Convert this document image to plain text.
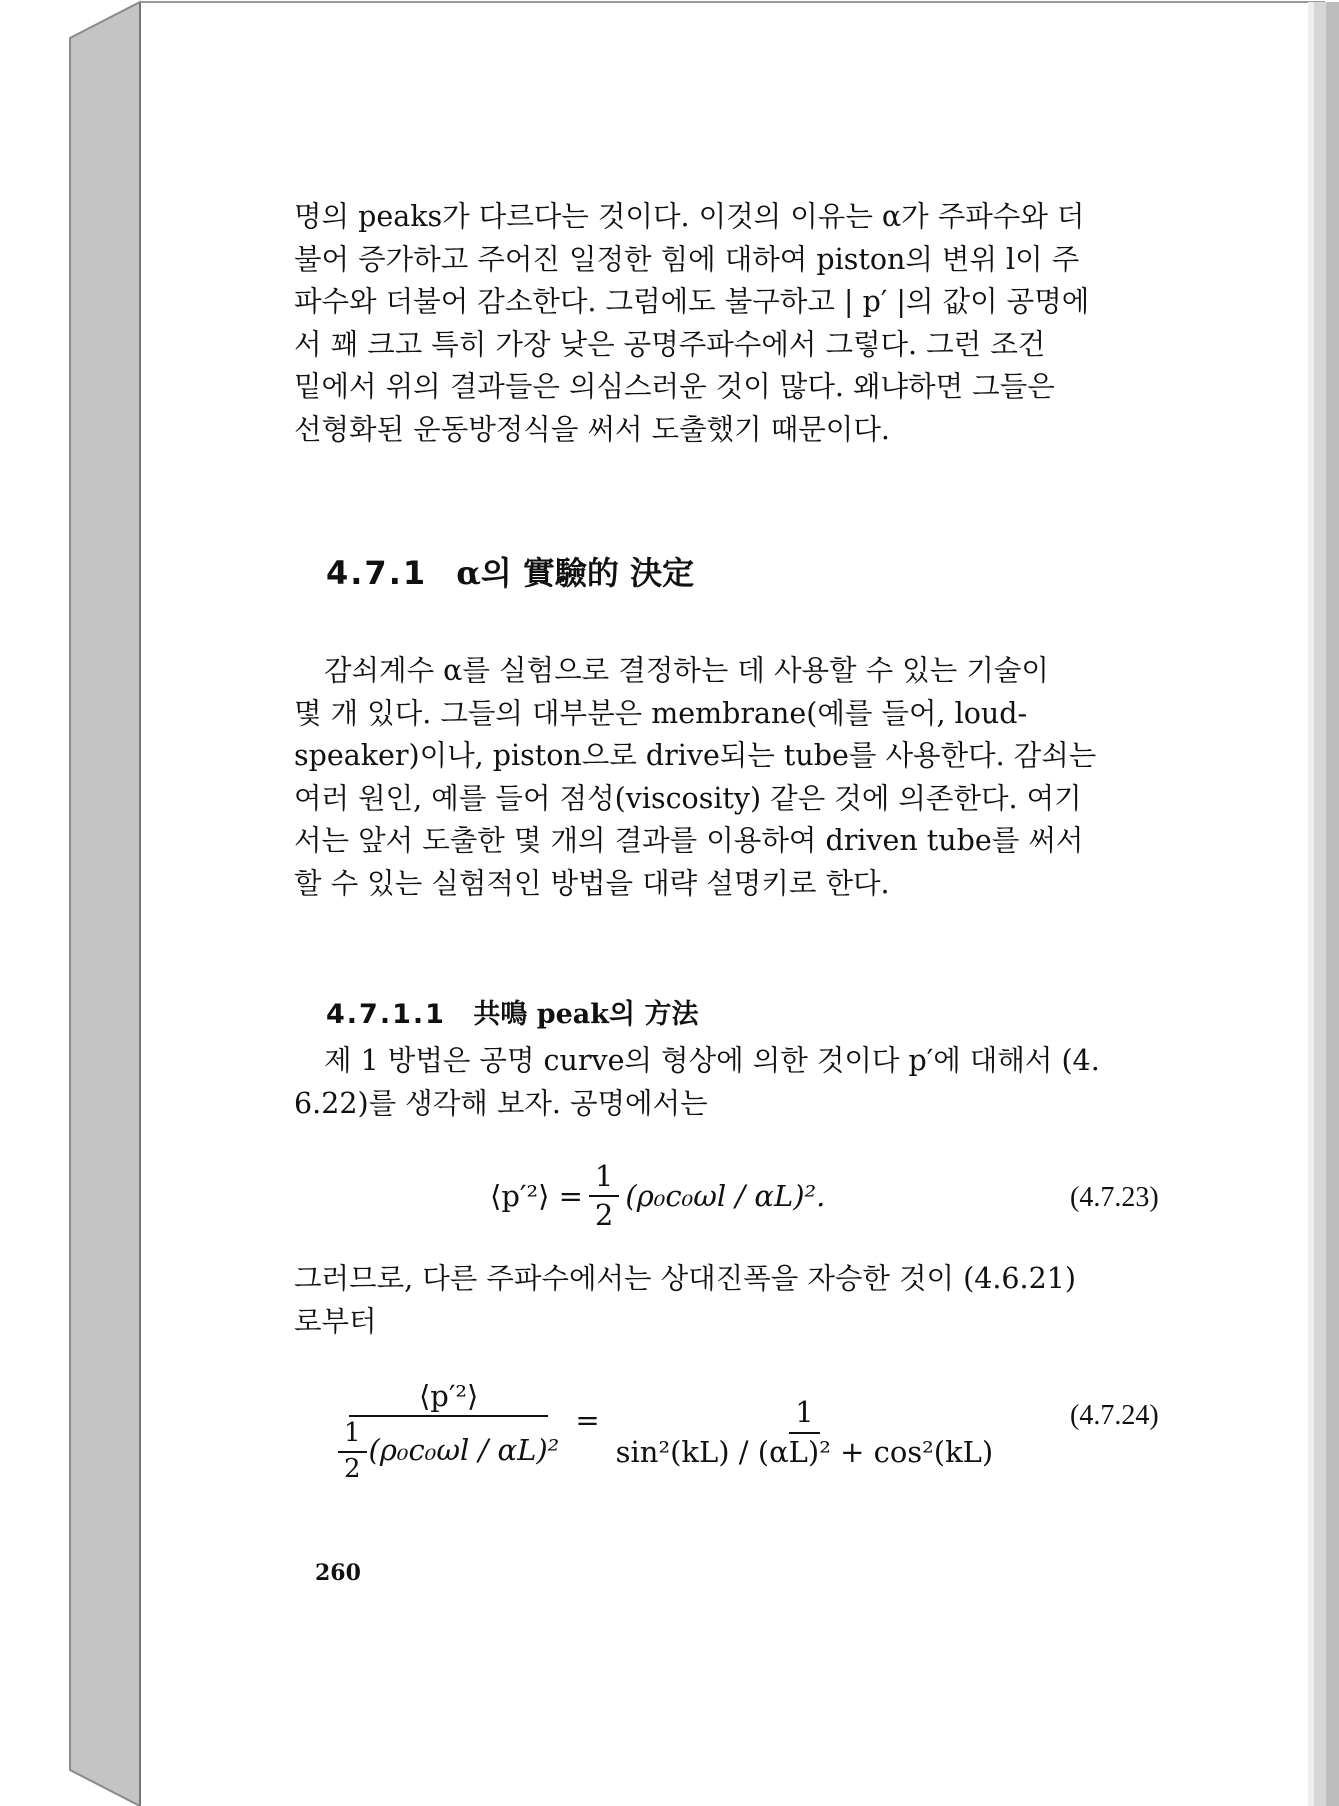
명의 peaks가 다르다는 것이다. 이것의 이유는 α가 주파수와 더
불어 증가하고 주어진 일정한 힘에 대하여 piston의 변위 l이 주
파수와 더불어 감소한다. 그럼에도 불구하고 | p′ |의 값이 공명에
서 꽤 크고 특히 가장 낮은 공명주파수에서 그렇다. 그런 조건
밑에서 위의 결과들은 의심스러운 것이 많다. 왜냐하면 그들은
선형화된 운동방정식을 써서 도출했기 때문이다.
4.7.1 α의 實驗的 決定
감쇠계수 α를 실험으로 결정하는 데 사용할 수 있는 기술이
몇 개 있다. 그들의 대부분은 membrane(예를 들어, loud-
speaker)이나, piston으로 drive되는 tube를 사용한다. 감쇠는
여러 원인, 예를 들어 점성(viscosity) 같은 것에 의존한다. 여기
서는 앞서 도출한 몇 개의 결과를 이용하여 driven tube를 써서
할 수 있는 실험적인 방법을 대략 설명키로 한다.
4.7.1.1 共鳴 peak의 方法
제 1 방법은 공명 curve의 형상에 의한 것이다 p′에 대해서 (4.
6.22)를 생각해 보자. 공명에서는
⟨p′²⟩ = $\frac{1}{2} (\rho_0c_0\omega l / \alpha L)^2$.	(4.7.23)
그러므로, 다른 주파수에서는 상대진폭을 자승한 것이 (4.6.21)
로부터
$\frac{\text{⟨p′²⟩}}{\frac{1}{2} (\rho_0c_0\omega l / \alpha L)^2} = \frac{1}{\text{sin²(kL) / (αL)² + cos²(kL)}}$	(4.7.24)
260
